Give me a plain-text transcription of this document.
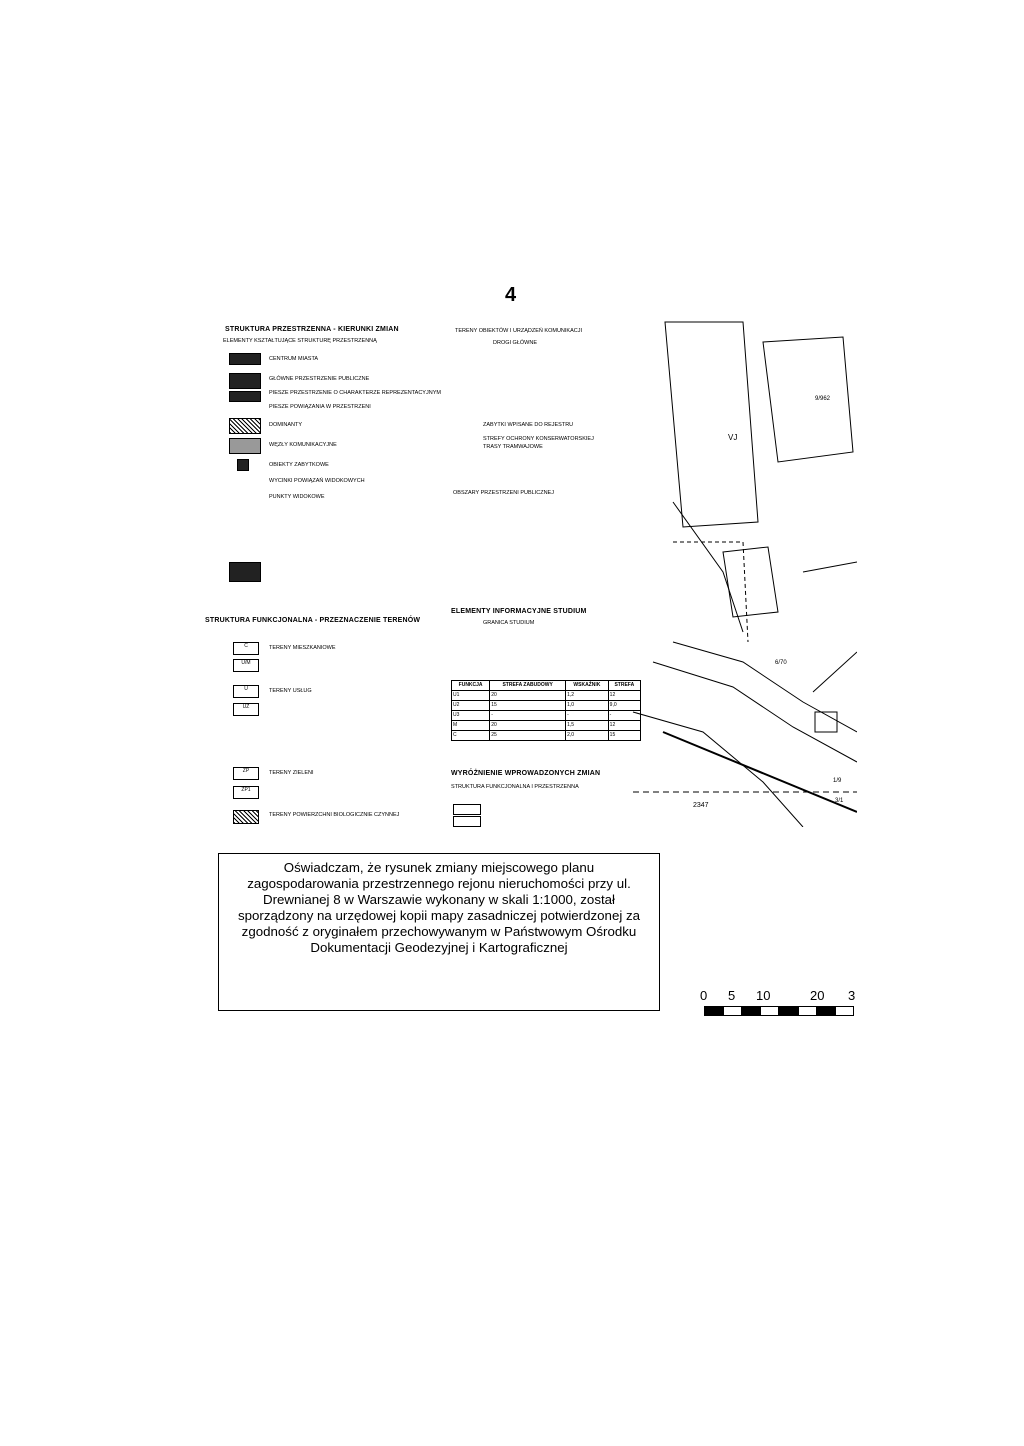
4
STRUKTURA PRZESTRZENNA - KIERUNKI ZMIAN
ELEMENTY KSZTAŁTUJĄCE STRUKTURĘ PRZESTRZENNĄ
CENTRUM MIASTA
GŁÓWNE PRZESTRZENIE PUBLICZNE
PIESZE PRZESTRZENIE O CHARAKTERZE REPREZENTACYJNYM
PIESZE POWIĄZANIA W PRZESTRZENI
DOMINANTY
WĘZŁY KOMUNIKACYJNE
OBIEKTY ZABYTKOWE
WYCINKI POWIĄZAŃ WIDOKOWYCH
PUNKTY WIDOKOWE
STRUKTURA FUNKCJONALNA - PRZEZNACZENIE TERENÓW
C	TERENY MIESZKANIOWE
U/M
U	TERENY USŁUG
UZ
ZP	TERENY ZIELENI
ZP1
TERENY POWIERZCHNI BIOLOGICZNIE CZYNNEJ
TERENY OBIEKTÓW I URZĄDZEŃ KOMUNIKACJI
DROGI GŁÓWNE
ZABYTKI WPISANE DO REJESTRU
STREFY OCHRONY KONSERWATORSKIEJ
TRASY TRAMWAJOWE
OBSZARY PRZESTRZENI PUBLICZNEJ
ELEMENTY INFORMACYJNE STUDIUM
GRANICA STUDIUM
FUNKCJA	STREFA ZABUDOWY	WSKAŹNIK	STREFA
U1	20	1,2	12
U2	15	1,0	9,0
U3	-	-	-
M	20	1,5	12
C	25	2,0	15
WYRÓŻNIENIE WPROWADZONYCH ZMIAN
STRUKTURA FUNKCJONALNA I PRZESTRZENNA
VJ
9/962
6/70
2347
1/9
3/1

Oświadczam, że rysunek zmiany miejscowego planu zagospodarowania przestrzennego rejonu nieruchomości przy ul. Drewnianej 8 w Warszawie wykonany w skali 1:1000, został sporządzony na urzędowej kopii mapy zasadniczej potwierdzonej za zgodność z oryginałem przechowywanym w Państwowym Ośrodku Dokumentacji Geodezyjnej i Kartograficznej

0 5 10	20 3
